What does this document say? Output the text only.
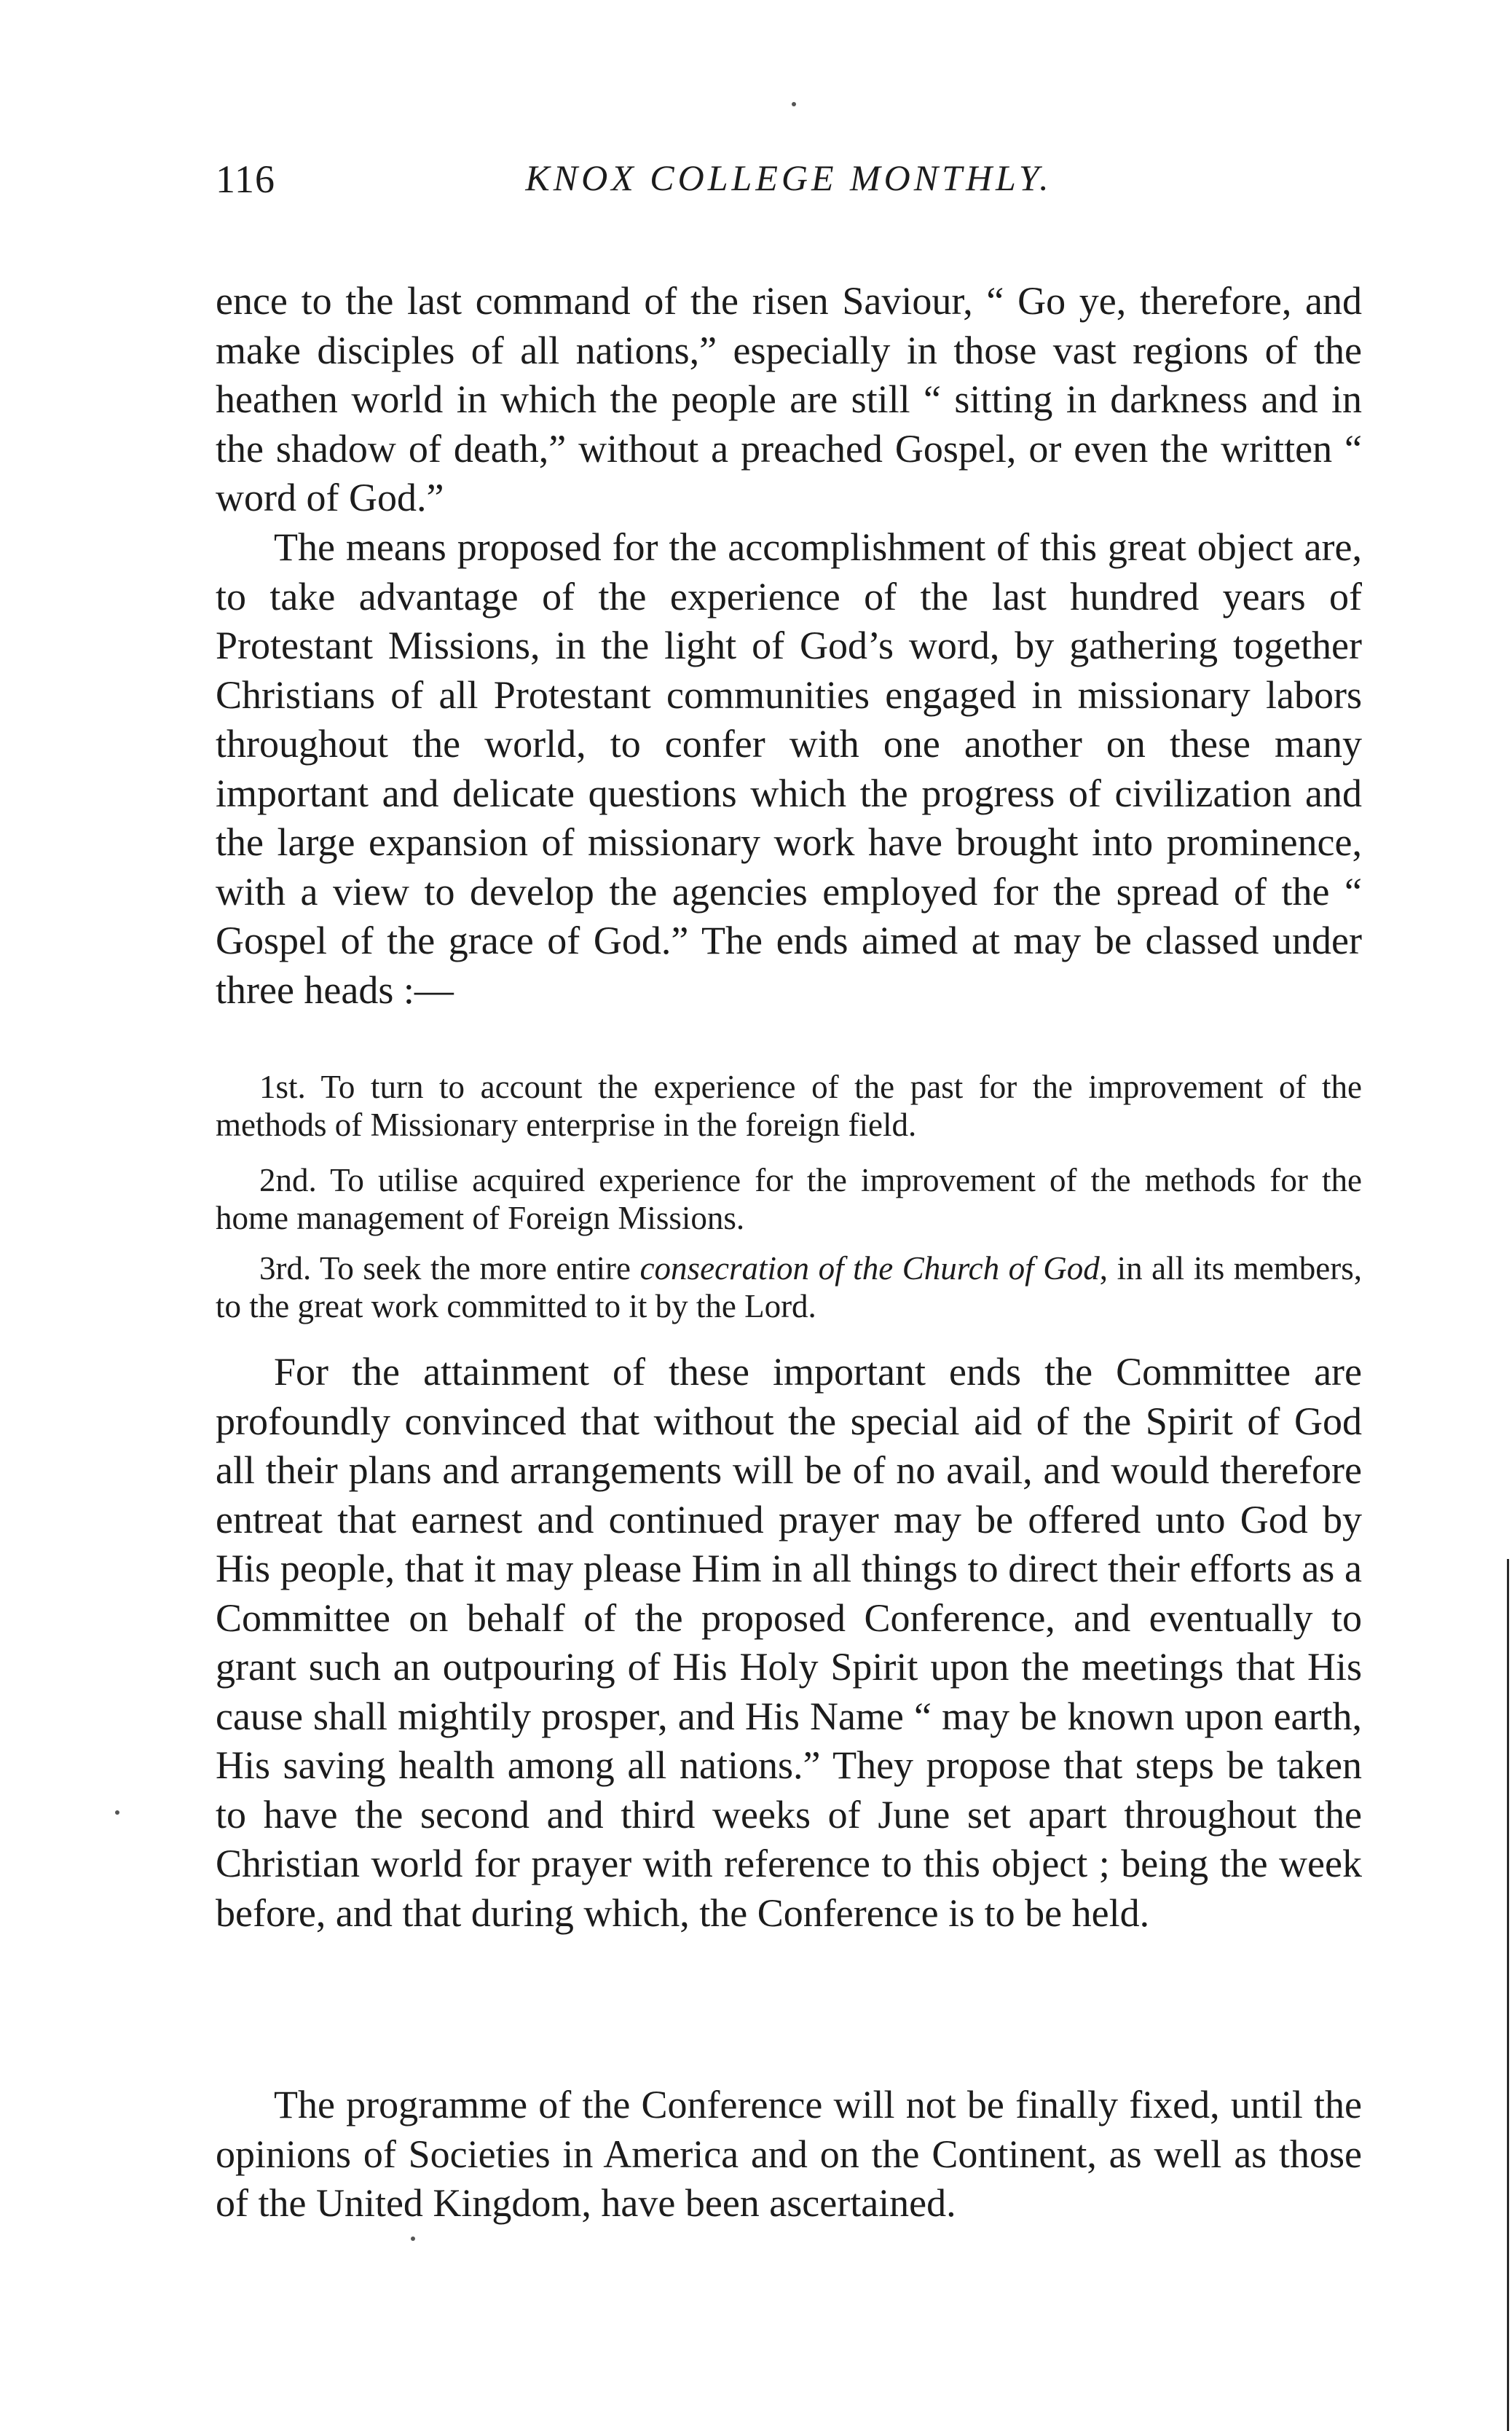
116	KNOX COLLEGE MONTHLY.

ence to the last command of the risen Saviour, “ Go ye, therefore, and make disciples of all nations,” especially in those vast regions of the heathen world in which the people are still “ sitting in darkness and in the shadow of death,” without a preached Gospel, or even the written “ word of God.”

The means proposed for the accomplishment of this great object are, to take advantage of the experience of the last hundred years of Protestant Missions, in the light of God’s word, by gathering together Christians of all Protestant communities engaged in missionary labors throughout the world, to confer with one another on these many important and delicate questions which the progress of civilization and the large expansion of missionary work have brought into prominence, with a view to develop the agencies employed for the spread of the “ Gospel of the grace of God.” The ends aimed at may be classed under three heads :—

1st. To turn to account the experience of the past for the improvement of the methods of Missionary enterprise in the foreign field.

2nd. To utilise acquired experience for the improvement of the methods for the home management of Foreign Missions.

3rd. To seek the more entire consecration of the Church of God, in all its members, to the great work committed to it by the Lord.

For the attainment of these important ends the Committee are profoundly convinced that without the special aid of the Spirit of God all their plans and arrangements will be of no avail, and would therefore entreat that earnest and continued prayer may be offered unto God by His people, that it may please Him in all things to direct their efforts as a Committee on behalf of the proposed Conference, and eventually to grant such an outpouring of His Holy Spirit upon the meetings that His cause shall mightily prosper, and His Name “ may be known upon earth, His saving health among all nations.” They propose that steps be taken to have the second and third weeks of June set apart throughout the Christian world for prayer with reference to this object ; being the week before, and that during which, the Conference is to be held.

The programme of the Conference will not be finally fixed, until the opinions of Societies in America and on the Continent, as well as those of the United Kingdom, have been ascertained.
